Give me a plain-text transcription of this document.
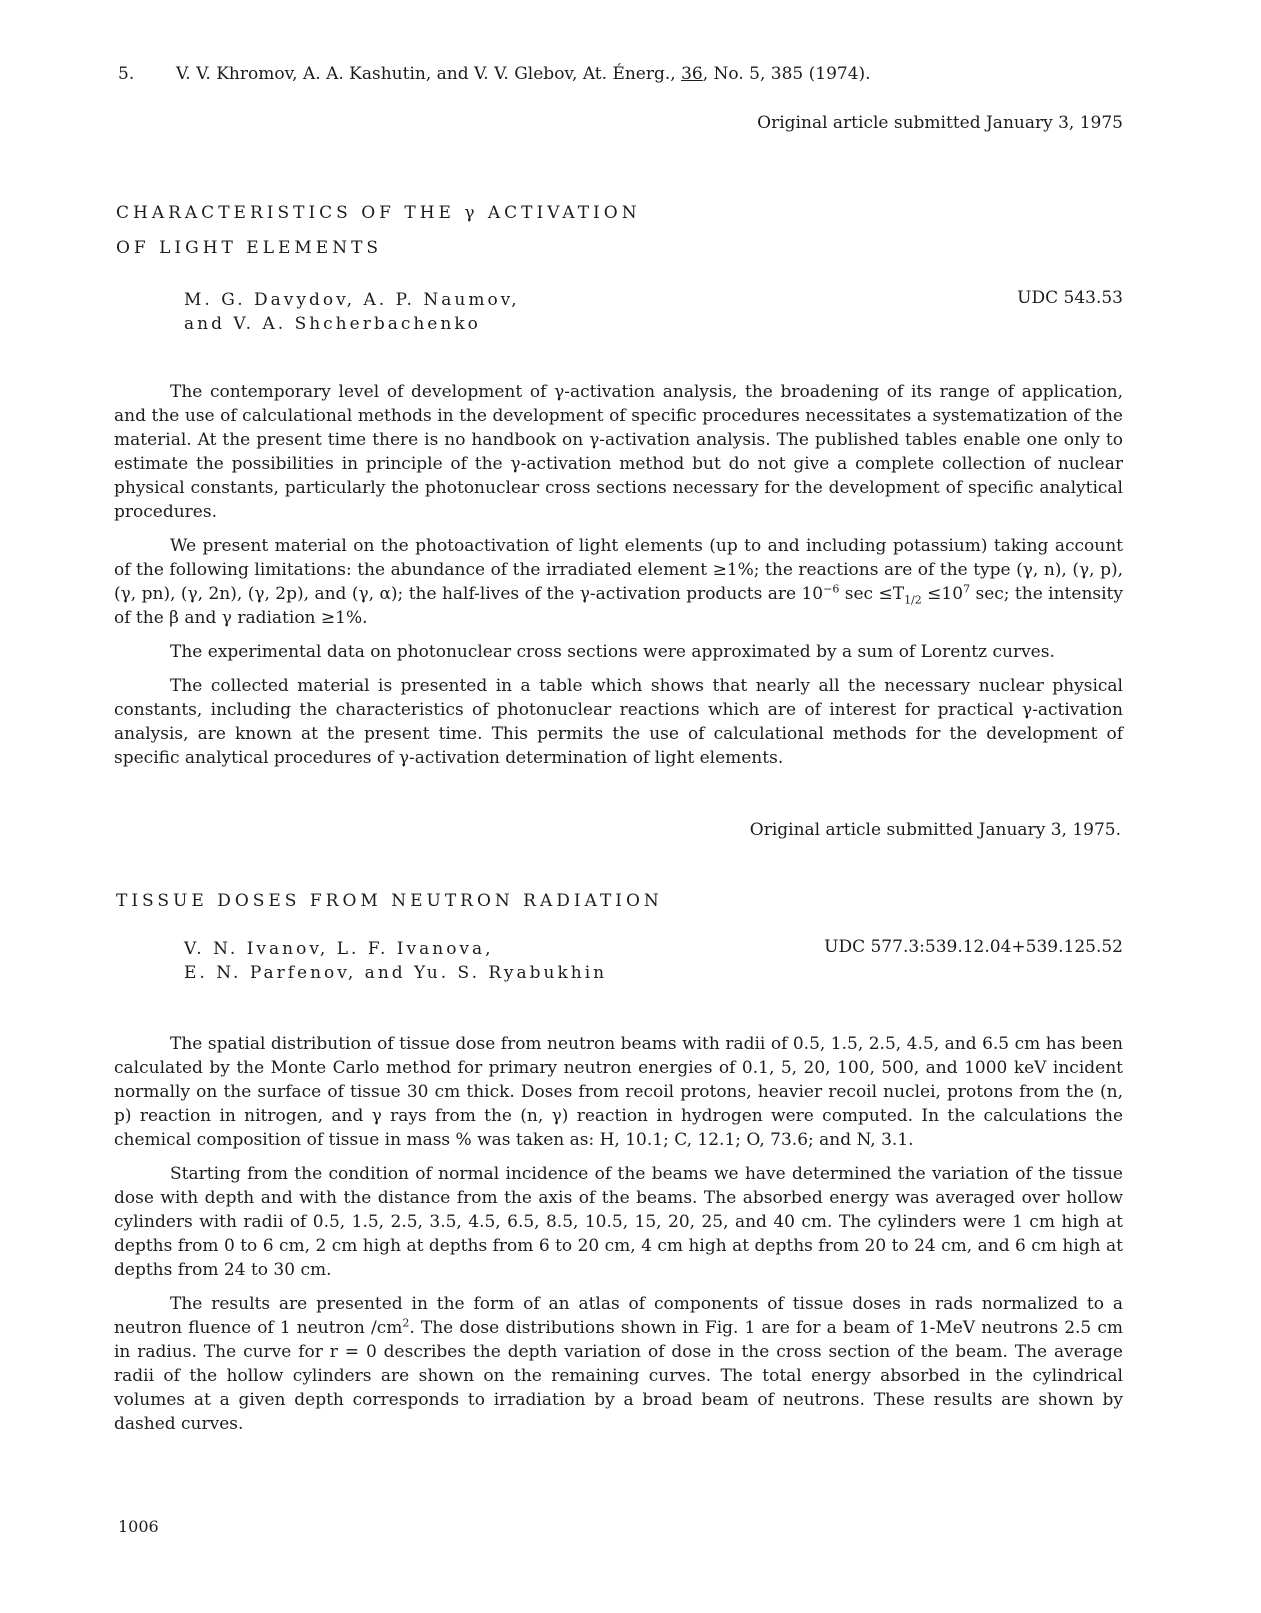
5. V. V. Khromov, A. A. Kashutin, and V. V. Glebov, At. Énerg., 36, No. 5, 385 (1974).
Original article submitted January 3, 1975
CHARACTERISTICS OF THE γ ACTIVATION
OF LIGHT ELEMENTS
M. G. Davydov, A. P. Naumov,
and V. A. Shcherbachenko
UDC 543.53

The contemporary level of development of γ-activation analysis, the broadening of its range of application, and the use of calculational methods in the development of specific procedures necessitates a systematization of the material. At the present time there is no handbook on γ-activation analysis. The published tables enable one only to estimate the possibilities in principle of the γ-activation method but do not give a complete collection of nuclear physical constants, particularly the photonuclear cross sections necessary for the development of specific analytical procedures.

We present material on the photoactivation of light elements (up to and including potassium) taking account of the following limitations: the abundance of the irradiated element ≥1%; the reactions are of the type (γ, n), (γ, p), (γ, pn), (γ, 2n), (γ, 2p), and (γ, α); the half-lives of the γ-activation products are $10^{-6}$ $\sec \le T_{1/2} \le 10^7$ sec; the intensity of the β and γ radiation ≥1%.

The experimental data on photonuclear cross sections were approximated by a sum of Lorentz curves.

The collected material is presented in a table which shows that nearly all the necessary nuclear physical constants, including the characteristics of photonuclear reactions which are of interest for practical γ-activation analysis, are known at the present time. This permits the use of calculational methods for the development of specific analytical procedures of γ-activation determination of light elements.

Original article submitted January 3, 1975.
TISSUE DOSES FROM NEUTRON RADIATION
V. N. Ivanov, L. F. Ivanova,
E. N. Parfenov, and Yu. S. Ryabukhin
UDC 577.3:539.12.04+539.125.52

The spatial distribution of tissue dose from neutron beams with radii of 0.5, 1.5, 2.5, 4.5, and 6.5 cm has been calculated by the Monte Carlo method for primary neutron energies of 0.1, 5, 20, 100, 500, and 1000 keV incident normally on the surface of tissue 30 cm thick. Doses from recoil protons, heavier recoil nuclei, protons from the (n, p) reaction in nitrogen, and γ rays from the (n, γ) reaction in hydrogen were computed. In the calculations the chemical composition of tissue in mass % was taken as: H, 10.1; C, 12.1; O, 73.6; and N, 3.1.

Starting from the condition of normal incidence of the beams we have determined the variation of the tissue dose with depth and with the distance from the axis of the beams. The absorbed energy was averaged over hollow cylinders with radii of 0.5, 1.5, 2.5, 3.5, 4.5, 6.5, 8.5, 10.5, 15, 20, 25, and 40 cm. The cylinders were 1 cm high at depths from 0 to 6 cm, 2 cm high at depths from 6 to 20 cm, 4 cm high at depths from 20 to 24 cm, and 6 cm high at depths from 24 to 30 cm.

The results are presented in the form of an atlas of components of tissue doses in rads normalized to a neutron fluence of 1 neutron $/cm^2$. The dose distributions shown in Fig. 1 are for a beam of 1-MeV neutrons 2.5 cm in radius. The curve for r = 0 describes the depth variation of dose in the cross section of the beam. The average radii of the hollow cylinders are shown on the remaining curves. The total energy absorbed in the cylindrical volumes at a given depth corresponds to irradiation by a broad beam of neutrons. These results are shown by dashed curves.

1006
